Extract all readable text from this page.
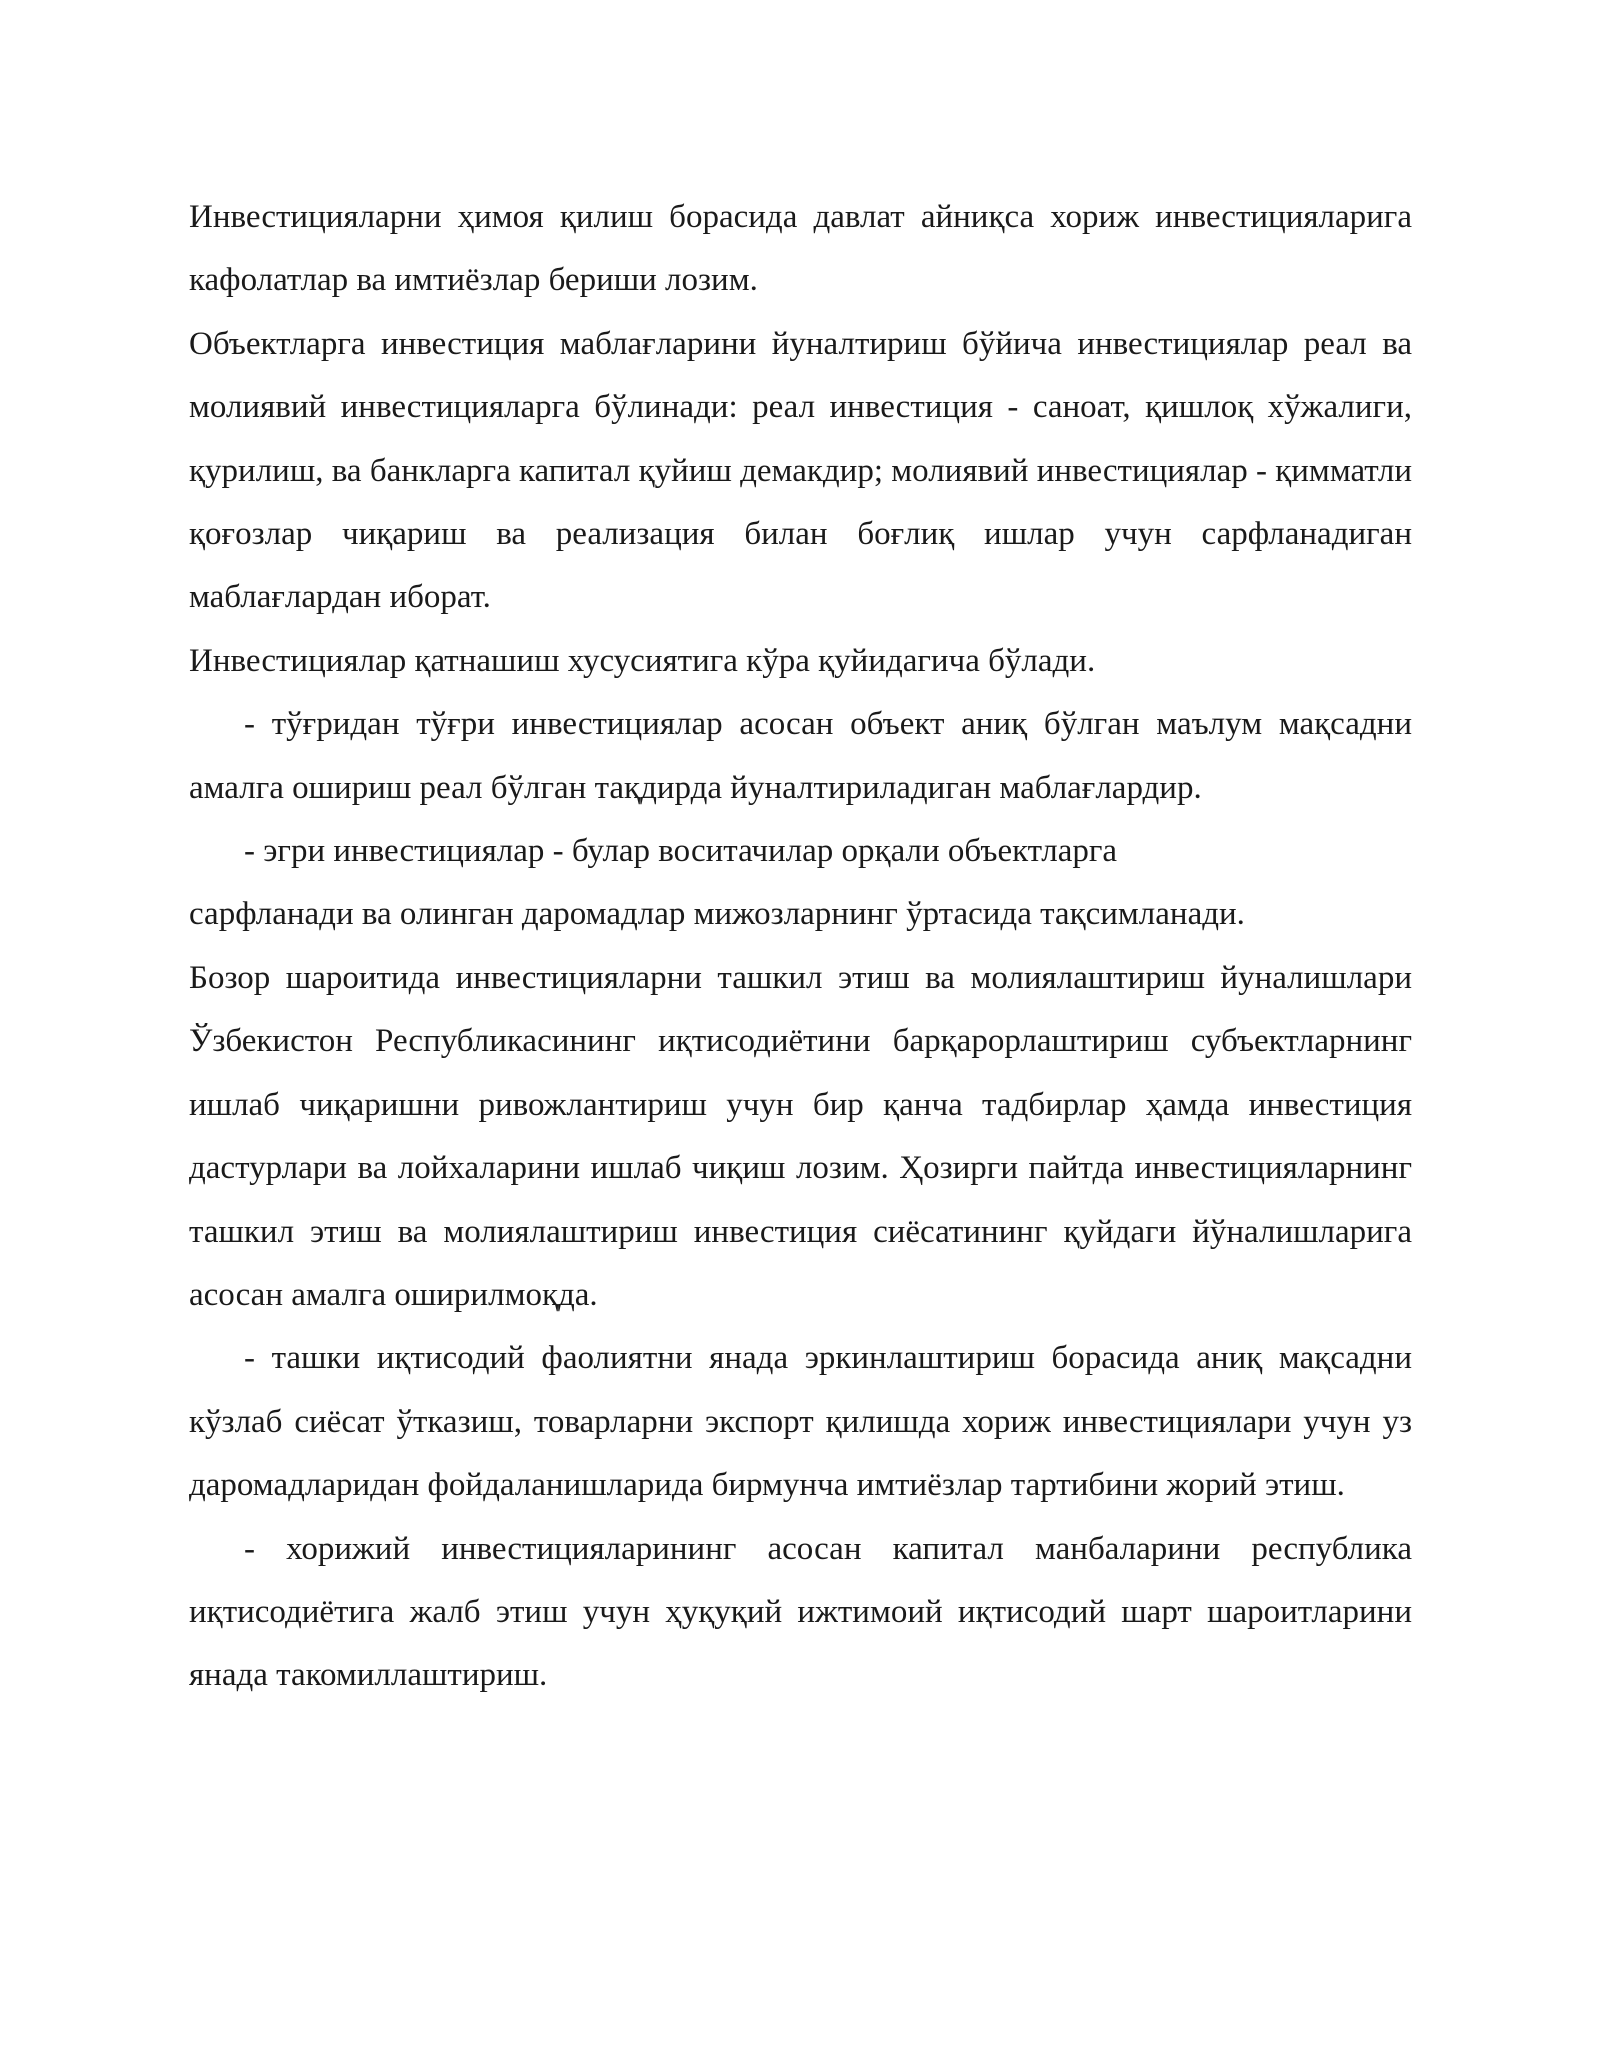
Инвестицияларни ҳимоя қилиш борасида давлат айниқса хориж инвестицияларига кафолатлар ва имтиёзлар бериши лозим.

Объектларга инвестиция маблағларини йуналтириш бўйича инвестициялар реал ва молиявий инвестицияларга бўлинади: реал инвестиция - саноат, қишлоқ хўжалиги, қурилиш, ва банкларга капитал қуйиш демакдир; молиявий инвестициялар - қимматли қоғозлар чиқариш ва реализация билан боғлиқ ишлар учун сарфланадиган маблағлардан иборат.

Инвестициялар қатнашиш хусусиятига кўра қуйидагича бўлади.

- тўғридан тўғри инвестициялар асосан объект аниқ бўлган маълум мақсадни амалга ошириш реал бўлган тақдирда йуналтириладиган маблағлардир.

- эгри инвестициялар - булар воситачилар орқали объектларга

сарфланади ва олинган даромадлар мижозларнинг ўртасида тақсимланади.

Бозор шароитида инвестицияларни ташкил этиш ва молиялаштириш йуналишлари Ўзбекистон Республикасининг иқтисодиётини барқарорлаштириш субъектларнинг ишлаб чиқаришни ривожлантириш учун бир қанча тадбирлар ҳамда инвестиция дастурлари ва лойхаларини ишлаб чиқиш лозим. Ҳозирги пайтда инвестицияларнинг ташкил этиш ва молиялаштириш инвестиция сиёсатининг қуйдаги йўналишларига асосан амалга оширилмоқда.

- ташки иқтисодий фаолиятни янада эркинлаштириш борасида аниқ мақсадни кўзлаб сиёсат ўтказиш, товарларни экспорт қилишда хориж инвестициялари учун уз даромадларидан фойдаланишларида бирмунча имтиёзлар тартибини жорий этиш.

- хорижий инвестицияларининг асосан капитал манбаларини республика иқтисодиётига жалб этиш учун ҳуқуқий ижтимоий иқтисодий шарт шароитларини янада такомиллаштириш.
